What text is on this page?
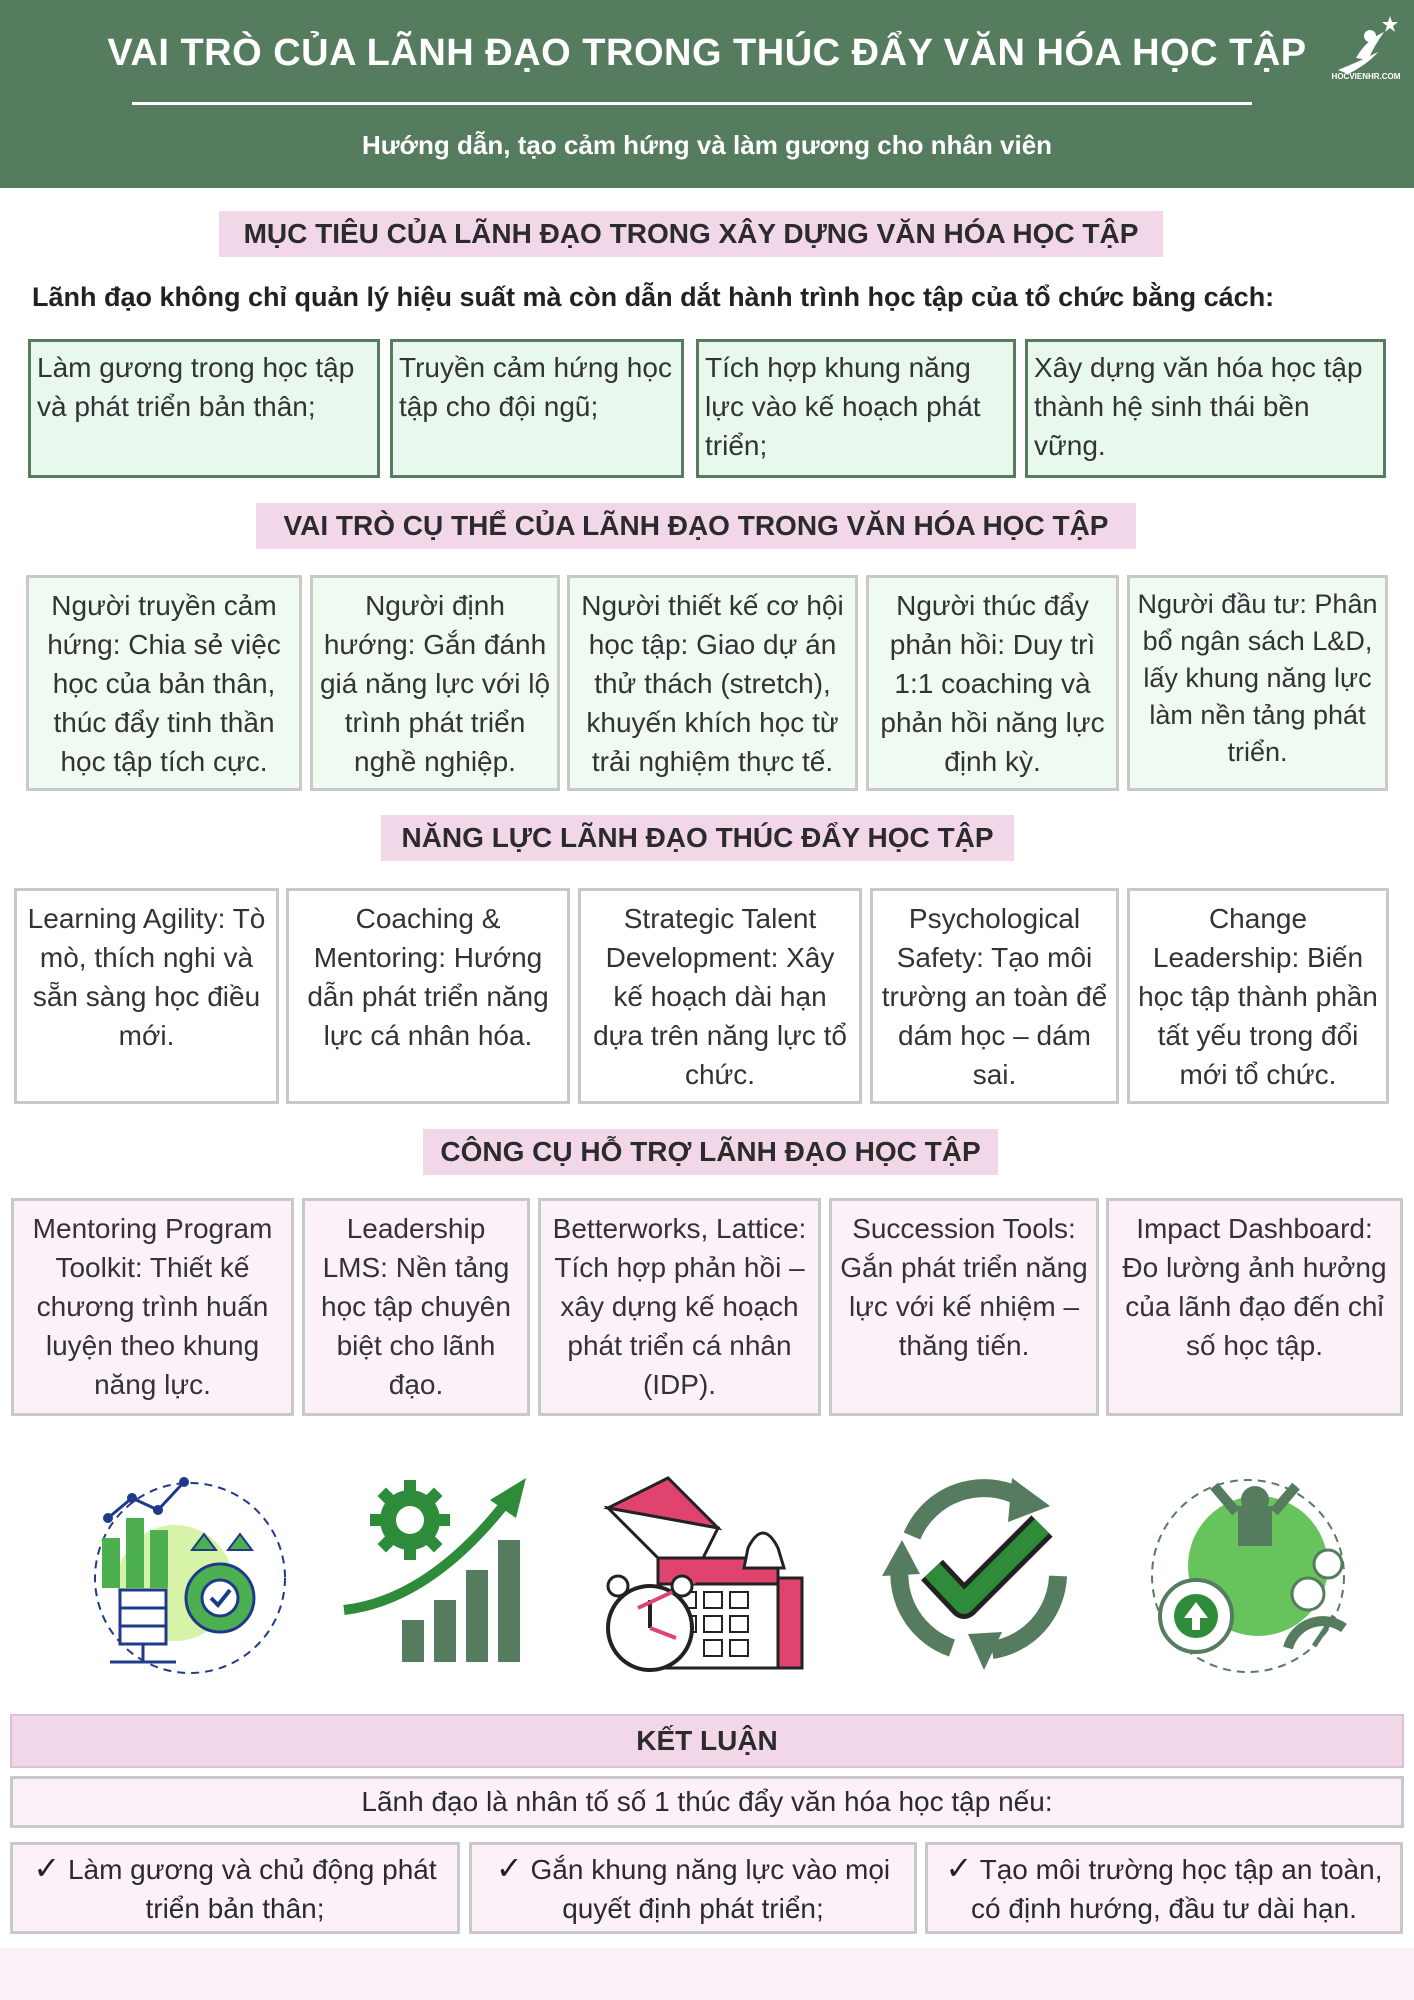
VAI TRÒ CỦA LÃNH ĐẠO TRONG THÚC ĐẨY VĂN HÓA HỌC TẬP
Hướng dẫn, tạo cảm hứng và làm gương cho nhân viên
HOCVIENHR.COM
MỤC TIÊU CỦA LÃNH ĐẠO TRONG XÂY DỰNG VĂN HÓA HỌC TẬP
Lãnh đạo không chỉ quản lý hiệu suất mà còn dẫn dắt hành trình học tập của tổ chức bằng cách:
Làm gương trong học tập và phát triển bản thân;
Truyền cảm hứng học tập cho đội ngũ;
Tích hợp khung năng lực vào kế hoạch phát triển;
Xây dựng văn hóa học tập thành hệ sinh thái bền vững.
VAI TRÒ CỤ THỂ CỦA LÃNH ĐẠO TRONG VĂN HÓA HỌC TẬP
Người truyền cảm hứng: Chia sẻ việc học của bản thân, thúc đẩy tinh thần học tập tích cực.
Người định hướng: Gắn đánh giá năng lực với lộ trình phát triển nghề nghiệp.
Người thiết kế cơ hội học tập: Giao dự án thử thách (stretch), khuyến khích học từ trải nghiệm thực tế.
Người thúc đẩy phản hồi: Duy trì 1:1 coaching và phản hồi năng lực định kỳ.
Người đầu tư: Phân bổ ngân sách L&D, lấy khung năng lực làm nền tảng phát triển.
NĂNG LỰC LÃNH ĐẠO THÚC ĐẨY HỌC TẬP
Learning Agility: Tò mò, thích nghi và sẵn sàng học điều mới.
Coaching & Mentoring: Hướng dẫn phát triển năng lực cá nhân hóa.
Strategic Talent Development: Xây kế hoạch dài hạn dựa trên năng lực tổ chức.
Psychological Safety: Tạo môi trường an toàn để dám học – dám sai.
Change Leadership: Biến học tập thành phần tất yếu trong đổi mới tổ chức.
CÔNG CỤ HỖ TRỢ LÃNH ĐẠO HỌC TẬP
Mentoring Program Toolkit: Thiết kế chương trình huấn luyện theo khung năng lực.
Leadership LMS: Nền tảng học tập chuyên biệt cho lãnh đạo.
Betterworks, Lattice: Tích hợp phản hồi – xây dựng kế hoạch phát triển cá nhân (IDP).
Succession Tools: Gắn phát triển năng lực với kế nhiệm – thăng tiến.
Impact Dashboard: Đo lường ảnh hưởng của lãnh đạo đến chỉ số học tập.
KẾT LUẬN
Lãnh đạo là nhân tố số 1 thúc đẩy văn hóa học tập nếu:
✓ Làm gương và chủ động phát triển bản thân;
✓ Gắn khung năng lực vào mọi quyết định phát triển;
✓ Tạo môi trường học tập an toàn, có định hướng, đầu tư dài hạn.
